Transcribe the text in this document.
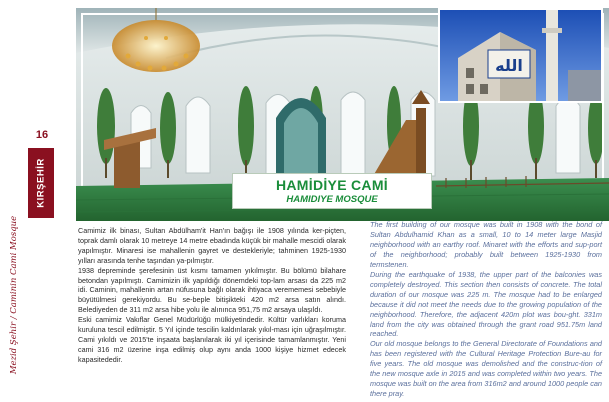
Mezid Şehir / Caminin Cami Mosque
16
KIRŞEHİR
الله
HAMİDİYE CAMİ
HAMIDIYE MOSQUE

Camimiz ilk binası, Sultan Abdülham'it Han'ın bağışı ile 1908 yılında ker-piçten, toprak damlı olarak 10 metreye 14 metre ebadında küçük bir mahalle mescidi olarak yapılmıştır. Minaresi ise mahallenin gayret ve destekleriyle; tahminen 1925-1930 yılları arasında tenhe taşından ya-pılmıştır.

1938 depreminde şerefesinin üst kısmı tamamen yıkılmıştır. Bu bölümü bilahare betondan yapılmıştı. Camimizin ilk yapıldığı dönemdeki top-lam arsası da 225 m2 idi. Caminin, mahallenin artan nüfusuna bağlı olarak ihtiyaca verememesi sebebiyle büyütülmesi gerekiyordu. Bu se-beple bitişikteki 420 m2 arsa satın alındı. Belediyeden de 311 m2 arsa hibe yolu ile alınınca 951,75 m2 arsaya ulaşıldı.

Eski camimiz Vakıflar Genel Müdürlüğü mülkiyetindedir. Kültür varlıkları koruma kuruluna tescil edilmiştir. 5 Yıl içinde tescilin kaldırılarak yıkıl-ması için uğraşılmıştır. Cami yıkıldı ve 2015'te inşaata başlanılarak iki yıl içerisinde tamamlanmıştır. Yeni cami 316 m2 üzerine inşa edilmiş olup aynı anda 1000 kişiye hizmet edecek kapasitededir.

The first building of our mosque was built in 1908 with the bond of Sultan Abdulhamid Khan as a small, 10 to 14 meter large Masjid neighborhood with an earthy roof. Minaret with the efforts and sup-port of the neighborhood; probably built between 1925-1930 from termstenen.

During the earthquake of 1938, the upper part of the balconies was completely destroyed. This section then consists of concrete. The total duration of our mosque was 225 m. The mosque had to be enlarged because it did not meet the needs due to the growing population of the neighborhood. Therefore, the adjacent 420m plot was bou-ght. 331m land from the city was obtained through the grant road 951.75m land reached.

Our old mosque belongs to the General Directorate of Foundations and has been registered with the Cultural Heritage Protection Bure-au for five years. The old mosque was demolished and the construc-tion of the new mosque axle in 2015 and was completed within two years. The mosque was built on the area from 316m2 and around 1000 people can there pray.
